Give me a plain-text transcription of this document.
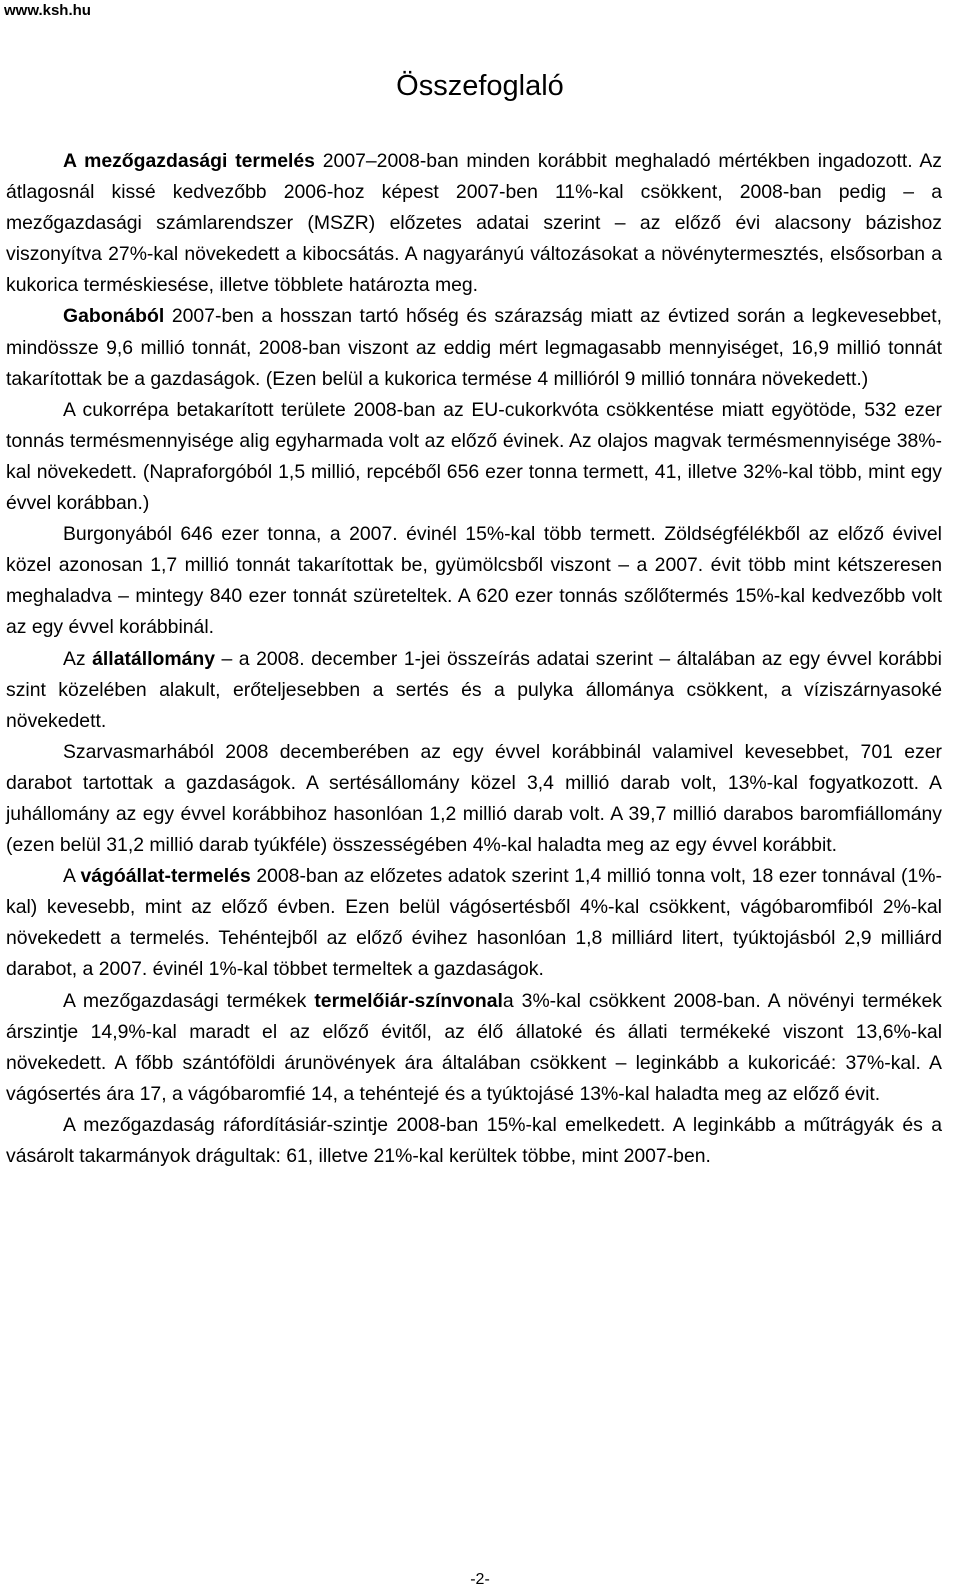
www.ksh.hu
Összefoglaló

A mezőgazdasági termelés 2007–2008-ban minden korábbit meghaladó mértékben ingadozott. Az átlagosnál kissé kedvezőbb 2006-hoz képest 2007-ben 11%-kal csökkent, 2008-ban pedig – a mezőgazdasági számlarendszer (MSZR) előzetes adatai szerint – az előző évi alacsony bázishoz viszonyítva 27%-kal növekedett a kibocsátás. A nagyarányú változásokat a növénytermesztés, elsősorban a kukorica terméskiesése, illetve többlete határozta meg.

Gabonából 2007-ben a hosszan tartó hőség és szárazság miatt az évtized során a legkevesebbet, mindössze 9,6 millió tonnát, 2008-ban viszont az eddig mért legmagasabb mennyiséget, 16,9 millió tonnát takarítottak be a gazdaságok. (Ezen belül a kukorica termése 4 millióról 9 millió tonnára növekedett.)

A cukorrépa betakarított területe 2008-ban az EU-cukorkvóta csökkentése miatt egyötöde, 532 ezer tonnás termésmennyisége alig egyharmada volt az előző évinek. Az olajos magvak termésmennyisége 38%-kal növekedett. (Napraforgóból 1,5 millió, repcéből 656 ezer tonna termett, 41, illetve 32%-kal több, mint egy évvel korábban.)

Burgonyából 646 ezer tonna, a 2007. évinél 15%-kal több termett. Zöldségfélékből az előző évivel közel azonosan 1,7 millió tonnát takarítottak be, gyümölcsből viszont – a 2007. évit több mint kétszeresen meghaladva – mintegy 840 ezer tonnát szüreteltek. A 620 ezer tonnás szőlőtermés 15%-kal kedvezőbb volt az egy évvel korábbinál.

Az állatállomány – a 2008. december 1-jei összeírás adatai szerint – általában az egy évvel korábbi szint közelében alakult, erőteljesebben a sertés és a pulyka állománya csökkent, a víziszárnyasoké növekedett.

Szarvasmarhából 2008 decemberében az egy évvel korábbinál valamivel kevesebbet, 701 ezer darabot tartottak a gazdaságok. A sertésállomány közel 3,4 millió darab volt, 13%-kal fogyatkozott. A juhállomány az egy évvel korábbihoz hasonlóan 1,2 millió darab volt. A 39,7 millió darabos baromfiállomány (ezen belül 31,2 millió darab tyúkféle) összességében 4%-kal haladta meg az egy évvel korábbit.

A vágóállat-termelés 2008-ban az előzetes adatok szerint 1,4 millió tonna volt, 18 ezer tonnával (1%-kal) kevesebb, mint az előző évben. Ezen belül vágósertésből 4%-kal csökkent, vágóbaromfiból 2%-kal növekedett a termelés. Tehéntejből az előző évihez hasonlóan 1,8 milliárd litert, tyúktojásból 2,9 milliárd darabot, a 2007. évinél 1%-kal többet termeltek a gazdaságok.

A mezőgazdasági termékek termelőiár-színvonala 3%-kal csökkent 2008-ban. A növényi termékek árszintje 14,9%-kal maradt el az előző évitől, az élő állatoké és állati termékeké viszont 13,6%-kal növekedett. A főbb szántóföldi árunövények ára általában csökkent – leginkább a kukoricáé: 37%-kal. A vágósertés ára 17, a vágóbaromfié 14, a tehéntejé és a tyúktojásé 13%-kal haladta meg az előző évit.

A mezőgazdaság ráfordításiár-szintje 2008-ban 15%-kal emelkedett. A leginkább a műtrágyák és a vásárolt takarmányok drágultak: 61, illetve 21%-kal kerültek többe, mint 2007-ben.

-2-
